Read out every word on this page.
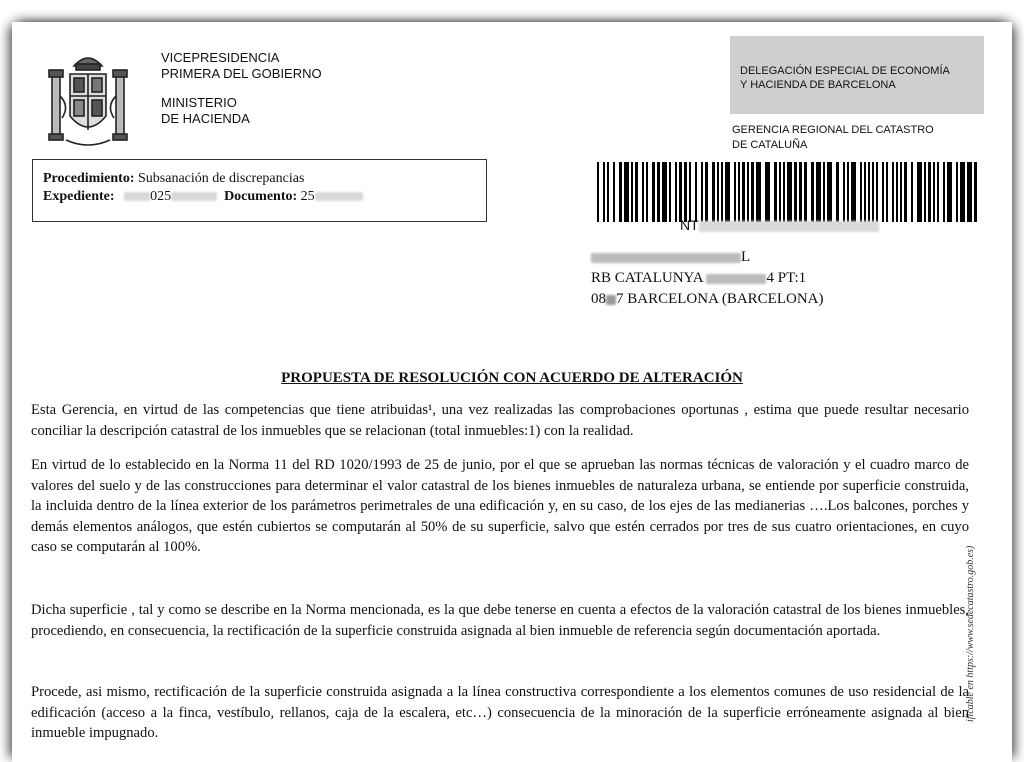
VICEPRESIDENCIA
PRIMERA DEL GOBIERNO
MINISTERIO
DE HACIENDA
DELEGACIÓN ESPECIAL DE ECONOMÍA
Y HACIENDA DE BARCELONA
GERENCIA REGIONAL DEL CATASTRO
DE CATALUÑA
Procedimiento: Subsanación de discrepancias
Expediente:	025	Documento: 25
NT
L
RB CATALUNYA	4 PT:1
08 7 BARCELONA (BARCELONA)
PROPUESTA DE RESOLUCIÓN CON ACUERDO DE ALTERACIÓN
Esta Gerencia, en virtud de las competencias que tiene atribuidas¹, una vez realizadas las comprobaciones oportunas , estima que puede resultar necesario conciliar la descripción catastral de los inmuebles que se relacionan (total inmuebles:1) con la realidad.
En virtud de lo establecido en la Norma 11 del RD 1020/1993 de 25 de junio, por el que se aprueban las normas técnicas de valoración y el cuadro marco de valores del suelo y de las construcciones para determinar el valor catastral de los bienes inmuebles de naturaleza urbana, se entiende por superficie construida, la incluida dentro de la línea exterior de los parámetros perimetrales de una edificación y, en su caso, de los ejes de las medianerias ….Los balcones, porches y demás elementos análogos, que estén cubiertos se computarán al 50% de su superficie, salvo que estén cerrados por tres de sus cuatro orientaciones, en cuyo caso se computarán al 100%.
Dicha superficie , tal y como se describe en la Norma mencionada, es la que debe tenerse en cuenta a efectos de la valoración catastral de los bienes inmuebles, procediendo, en consecuencia, la rectificación de la superficie construida asignada al bien inmueble de referencia según documentación aportada.
Procede, asi mismo, rectificación de la superficie construida asignada a la línea constructiva correspondiente a los elementos comunes de uso residencial de la edificación (acceso a la finca, vestíbulo, rellanos, caja de la escalera, etc…) consecuencia de la minoración de la superficie erróneamente asignada al bien inmueble impugnado.
ificable en https://www.sedecatastro.gob.es)
